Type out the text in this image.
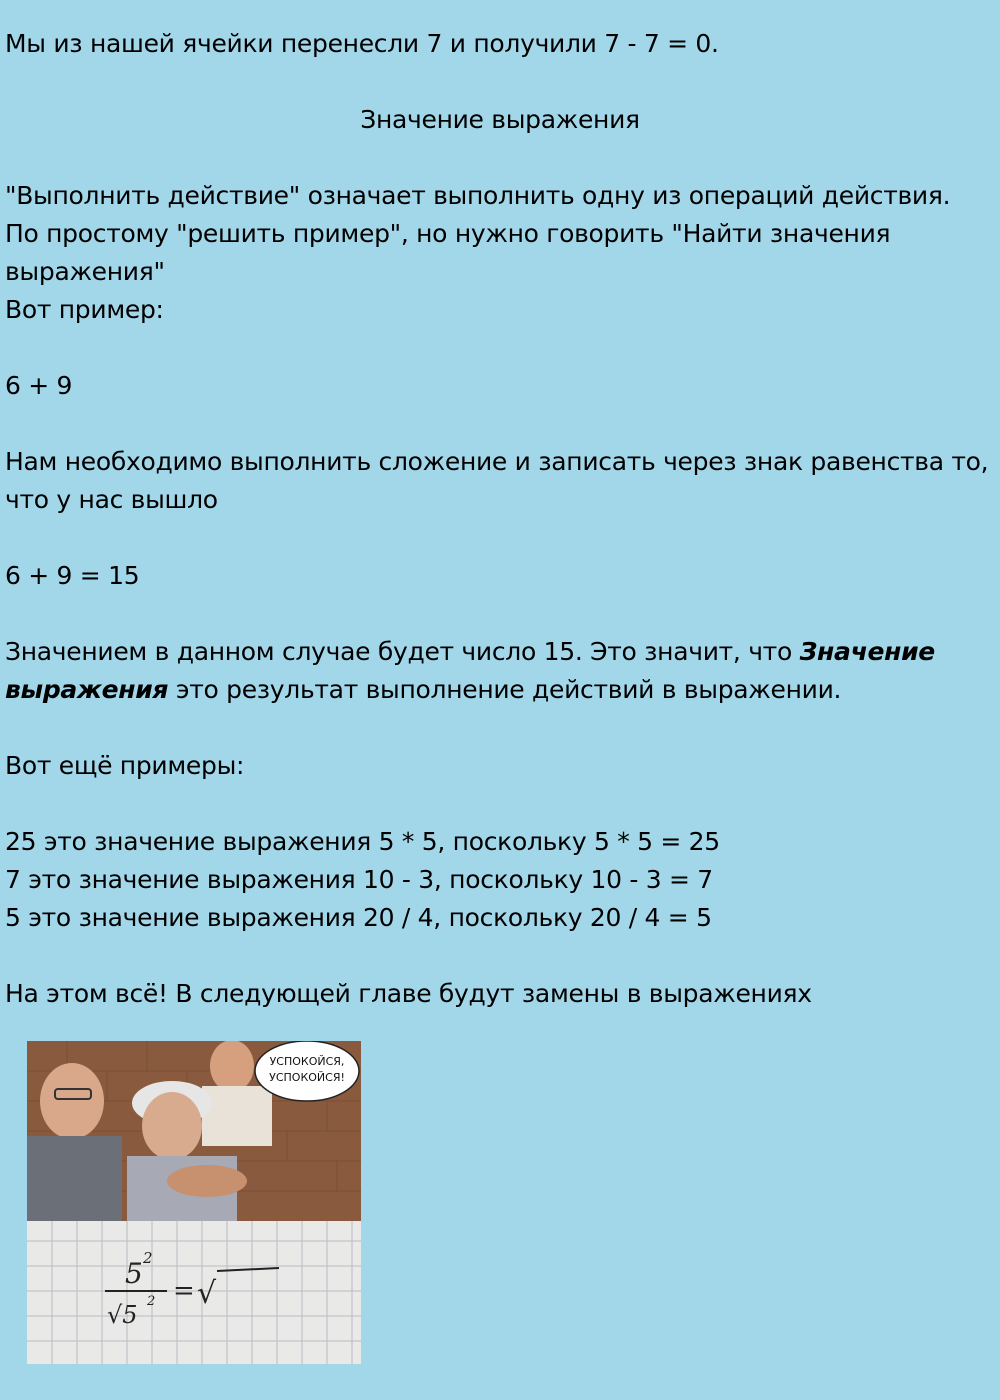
Мы из нашей ячейки перенесли 7 и получили 7 - 7 = 0.
Значение выражения
"Выполнить действие" означает выполнить одну из операций действия.
По простому "решить пример", но нужно говорить "Найти значения
выражения"
Вот пример:
6 + 9
Нам необходимо выполнить сложение и записать через знак равенства то,
что у нас вышло
6 + 9 = 15
Значением в данном случае будет число 15. Это значит, что Значение
выражения это результат выполнение действий в выражении.
Вот ещё примеры:
25 это значение выражения 5 * 5, поскольку 5 * 5 = 25
7 это значение выражения 10 - 3, поскольку 10 - 3 = 7
5 это значение выражения 20 / 4, поскольку 20 / 4 = 5
На этом всё! В следующей главе будут замены в выражениях
УСПОКОЙСЯ,
УСПОКОЙСЯ!
5 2
√5 2 = √
